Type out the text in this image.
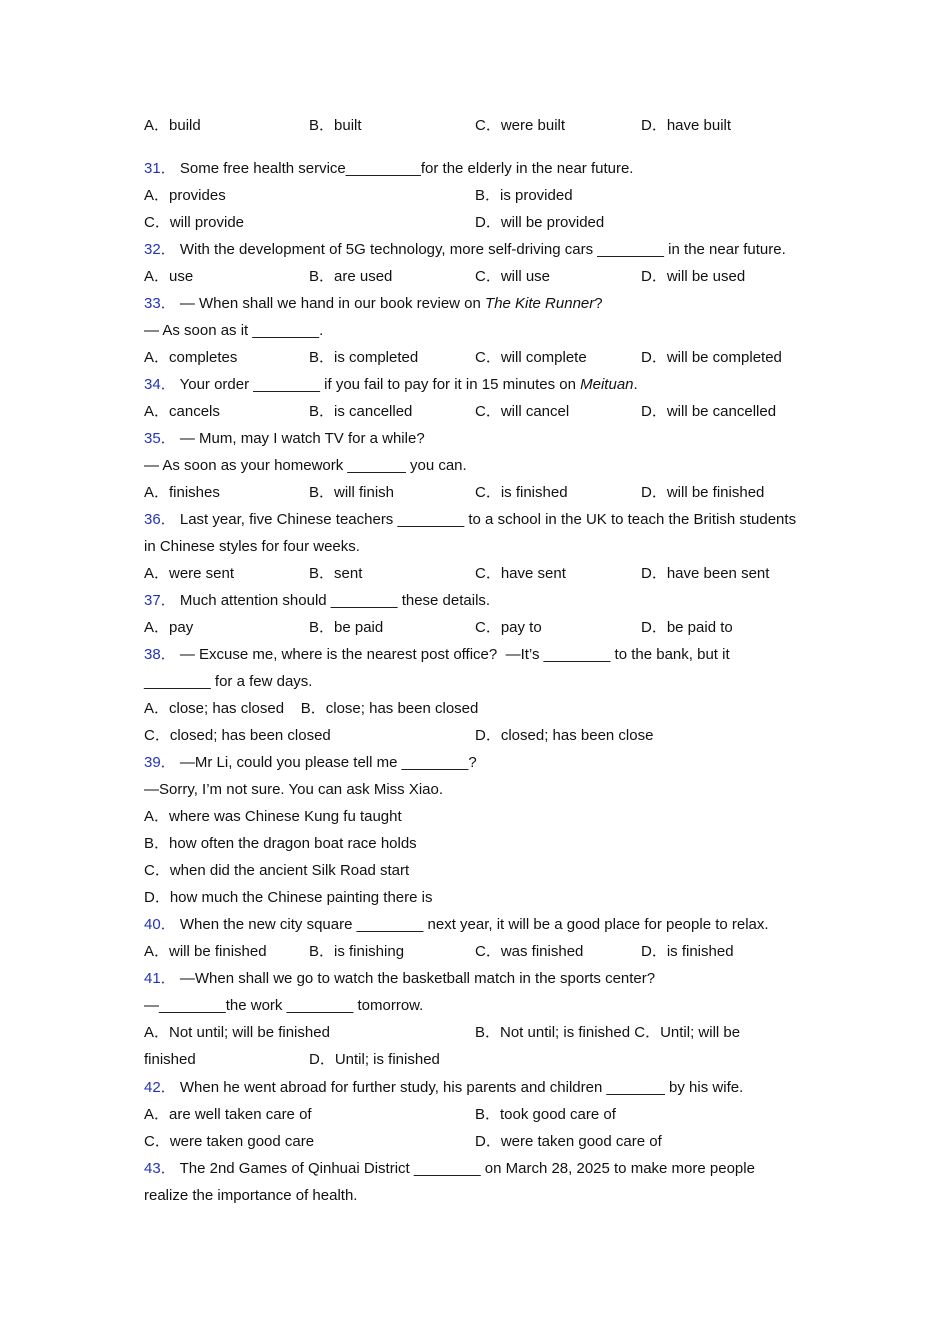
A．build

	B．built

	C．were built

	D．have built

31． Some free health service_________for the elderly in the near future.

A．provides

	B．is provided

C．will provide

	D．will be provided

32． With the development of 5G technology, more self-driving cars ________ in the near future.

A．use

	B．are used

	C．will use

	D．will be used

33． — When shall we hand in our book review on The Kite Runner?
— As soon as it ________.

A．completes

	B．is completed

	C．will complete

	D．will be completed

34． Your order ________ if you fail to pay for it in 15 minutes on Meituan.

A．cancels

	B．is cancelled

	C．will cancel

	D．will be cancelled

35． — Mum, may I watch TV for a while?
— As soon as your homework _______ you can.

A．finishes

	B．will finish

	C．is finished

	D．will be finished

36． Last year, five Chinese teachers ________ to a school in the UK to teach the British students
in Chinese styles for four weeks.

A．were sent

	B．sent

	C．have sent

	D．have been sent

37． Much attention should ________ these details.

A．pay

	B．be paid

	C．pay to

	D．be paid to

38． — Excuse me, where is the nearest post office?  —It’s ________ to the bank, but it
________ for a few days.
A．close; has closed B．close; has been closed

C．closed; has been closed

	D．closed; has been close

39． —Mr Li, could you please tell me ________?
—Sorry, I’m not sure. You can ask Miss Xiao.
A．where was Chinese Kung fu taught
B．how often the dragon boat race holds
C．when did the ancient Silk Road start
D．how much the Chinese painting there is
40． When the new city square ________ next year, it will be a good place for people to relax.

A．will be finished

	B．is finishing

	C．was finished

	D．is finished

41． —When shall we go to watch the basketball match in the sports center?
—________the work ________ tomorrow.

A．Not until; will be finished

	B．Not until; is finished C．Until; will be

finished

	D．Until; is finished

42． When he went abroad for further study, his parents and children _______ by his wife.

A．are well taken care of

	B．took good care of

C．were taken good care

	D．were taken good care of

43． The 2nd Games of Qinhuai District ________ on March 28, 2025 to make more people
realize the importance of health.
